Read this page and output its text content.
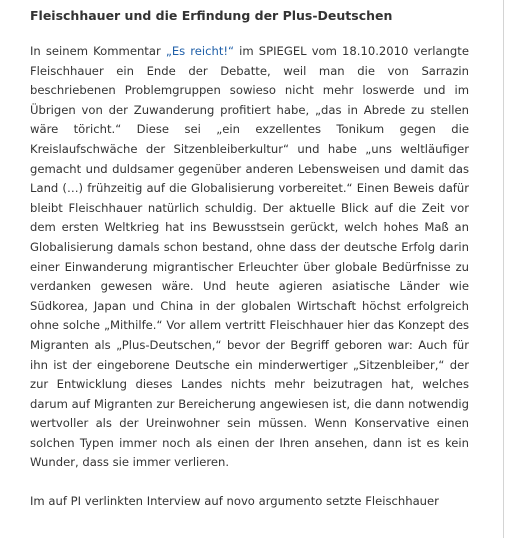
Fleischhauer und die Erfindung der Plus-Deutschen

In seinem Kommentar „Es reicht!“ im SPIEGEL vom 18.10.2010 verlangte Fleischhauer ein Ende der Debatte, weil man die von Sarrazin beschriebenen Problemgruppen sowieso nicht mehr loswerde und im Übrigen von der Zuwanderung profitiert habe, „das in Abrede zu stellen wäre töricht.“ Diese sei „ein exzellentes Tonikum gegen die Kreislaufschwäche der Sitzenbleiberkultur“ und habe „uns weltläufiger gemacht und duldsamer gegenüber anderen Lebensweisen und damit das Land (…) frühzeitig auf die Globalisierung vorbereitet.“ Einen Beweis dafür bleibt Fleischhauer natürlich schuldig. Der aktuelle Blick auf die Zeit vor dem ersten Weltkrieg hat ins Bewusstsein gerückt, welch hohes Maß an Globalisierung damals schon bestand, ohne dass der deutsche Erfolg darin einer Einwanderung migrantischer Erleuchter über globale Bedürfnisse zu verdanken gewesen wäre. Und heute agieren asiatische Länder wie Südkorea, Japan und China in der globalen Wirtschaft höchst erfolgreich ohne solche „Mithilfe.“ Vor allem vertritt Fleischhauer hier das Konzept des Migranten als „Plus-Deutschen,“ bevor der Begriff geboren war: Auch für ihn ist der eingeborene Deutsche ein minderwertiger „Sitzenbleiber,“ der zur Entwicklung dieses Landes nichts mehr beizutragen hat, welches darum auf Migranten zur Bereicherung angewiesen ist, die dann notwendig wertvoller als der Ureinwohner sein müssen. Wenn Konservative einen solchen Typen immer noch als einen der Ihren ansehen, dann ist es kein Wunder, dass sie immer verlieren.

Im auf PI verlinkten Interview auf novo argumento setzte Fleischhauer
